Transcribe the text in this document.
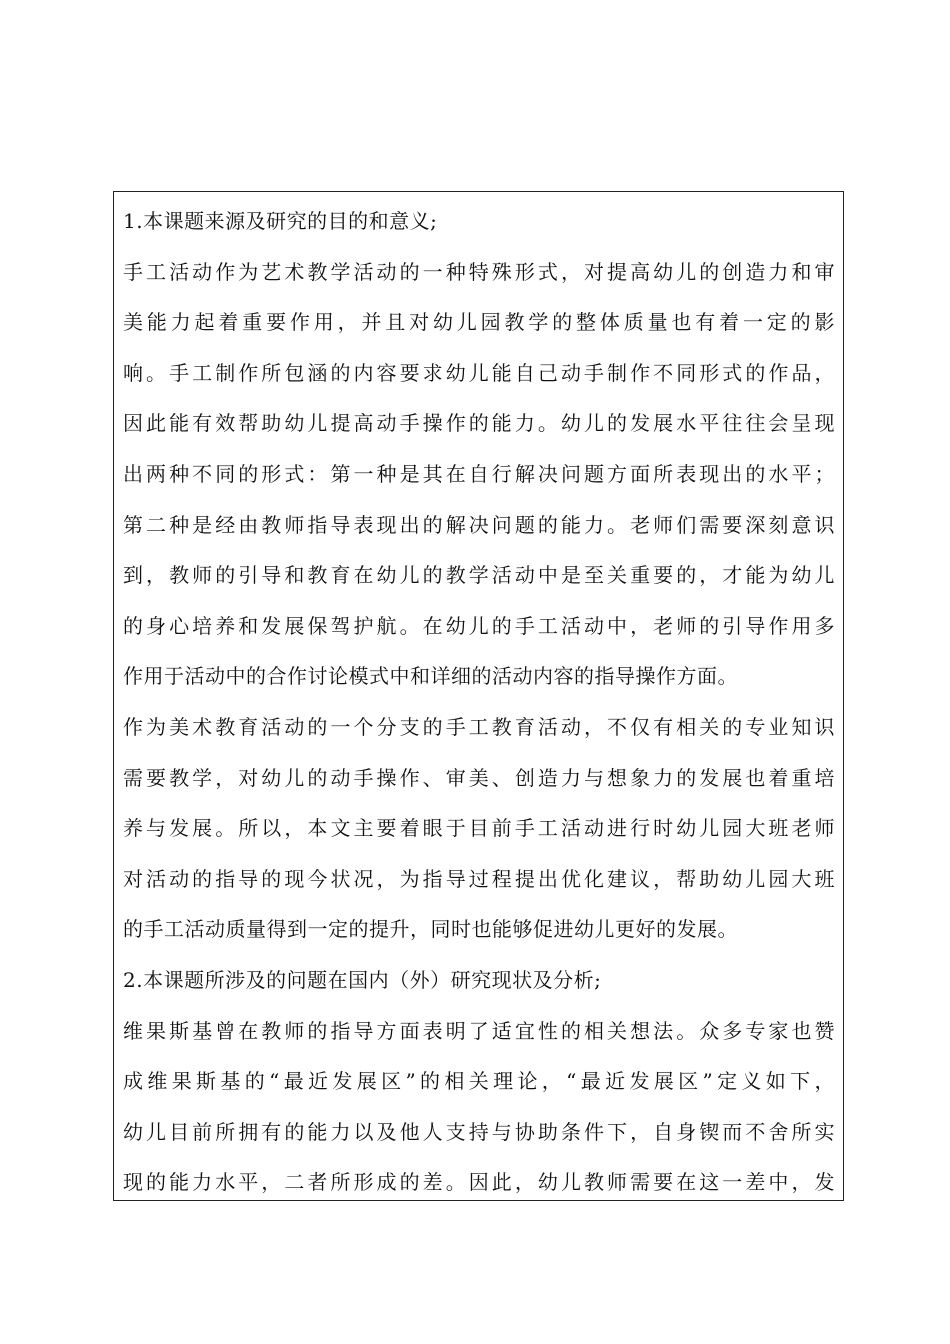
1.本课题来源及研究的目的和意义;
手工活动作为艺术教学活动的一种特殊形式，对提高幼儿的创造力和审
美能力起着重要作用，并且对幼儿园教学的整体质量也有着一定的影
响。手工制作所包涵的内容要求幼儿能自己动手制作不同形式的作品，
因此能有效帮助幼儿提高动手操作的能力。幼儿的发展水平往往会呈现
出两种不同的形式：第一种是其在自行解决问题方面所表现出的水平；
第二种是经由教师指导表现出的解决问题的能力。老师们需要深刻意识
到，教师的引导和教育在幼儿的教学活动中是至关重要的，才能为幼儿
的身心培养和发展保驾护航。在幼儿的手工活动中，老师的引导作用多
作用于活动中的合作讨论模式中和详细的活动内容的指导操作方面。
作为美术教育活动的一个分支的手工教育活动，不仅有相关的专业知识
需要教学，对幼儿的动手操作、审美、创造力与想象力的发展也着重培
养与发展。所以，本文主要着眼于目前手工活动进行时幼儿园大班老师
对活动的指导的现今状况，为指导过程提出优化建议，帮助幼儿园大班
的手工活动质量得到一定的提升，同时也能够促进幼儿更好的发展。
2.本课题所涉及的问题在国内（外）研究现状及分析;
维果斯基曾在教师的指导方面表明了适宜性的相关想法。众多专家也赞
成维果斯基的“最近发展区”的相关理论，“最近发展区”定义如下，
幼儿目前所拥有的能力以及他人支持与协助条件下，自身锲而不舍所实
现的能力水平，二者所形成的差。因此，幼儿教师需要在这一差中，发
